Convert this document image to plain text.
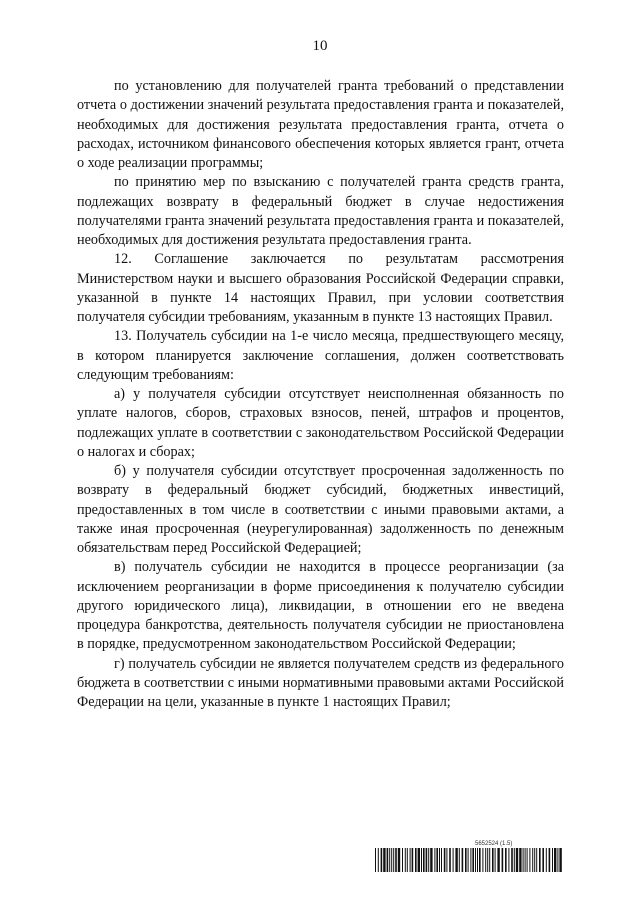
10

по установлению для получателей гранта требований о представлении отчета о достижении значений результата предоставления гранта и показателей, необходимых для достижения результата предоставления гранта, отчета о расходах, источником финансового обеспечения которых является грант, отчета о ходе реализации программы;

по принятию мер по взысканию с получателей гранта средств гранта, подлежащих возврату в федеральный бюджет в случае недостижения получателями гранта значений результата предоставления гранта и показателей, необходимых для достижения результата предоставления гранта.

12. Соглашение заключается по результатам рассмотрения Министерством науки и высшего образования Российской Федерации справки, указанной в пункте 14 настоящих Правил, при условии соответствия получателя субсидии требованиям, указанным в пункте 13 настоящих Правил.

13. Получатель субсидии на 1-е число месяца, предшествующего месяцу, в котором планируется заключение соглашения, должен соответствовать следующим требованиям:

а) у получателя субсидии отсутствует неисполненная обязанность по уплате налогов, сборов, страховых взносов, пеней, штрафов и процентов, подлежащих уплате в соответствии с законодательством Российской Федерации о налогах и сборах;

б) у получателя субсидии отсутствует просроченная задолженность по возврату в федеральный бюджет субсидий, бюджетных инвестиций, предоставленных в том числе в соответствии с иными правовыми актами, а также иная просроченная (неурегулированная) задолженность по денежным обязательствам перед Российской Федерацией;

в) получатель субсидии не находится в процессе реорганизации (за исключением реорганизации в форме присоединения к получателю субсидии другого юридического лица), ликвидации, в отношении его не введена процедура банкротства, деятельность получателя субсидии не приостановлена в порядке, предусмотренном законодательством Российской Федерации;

г) получатель субсидии не является получателем средств из федерального бюджета в соответствии с иными нормативными правовыми актами Российской Федерации на цели, указанные в пункте 1 настоящих Правил;

5652524 (1.5)
